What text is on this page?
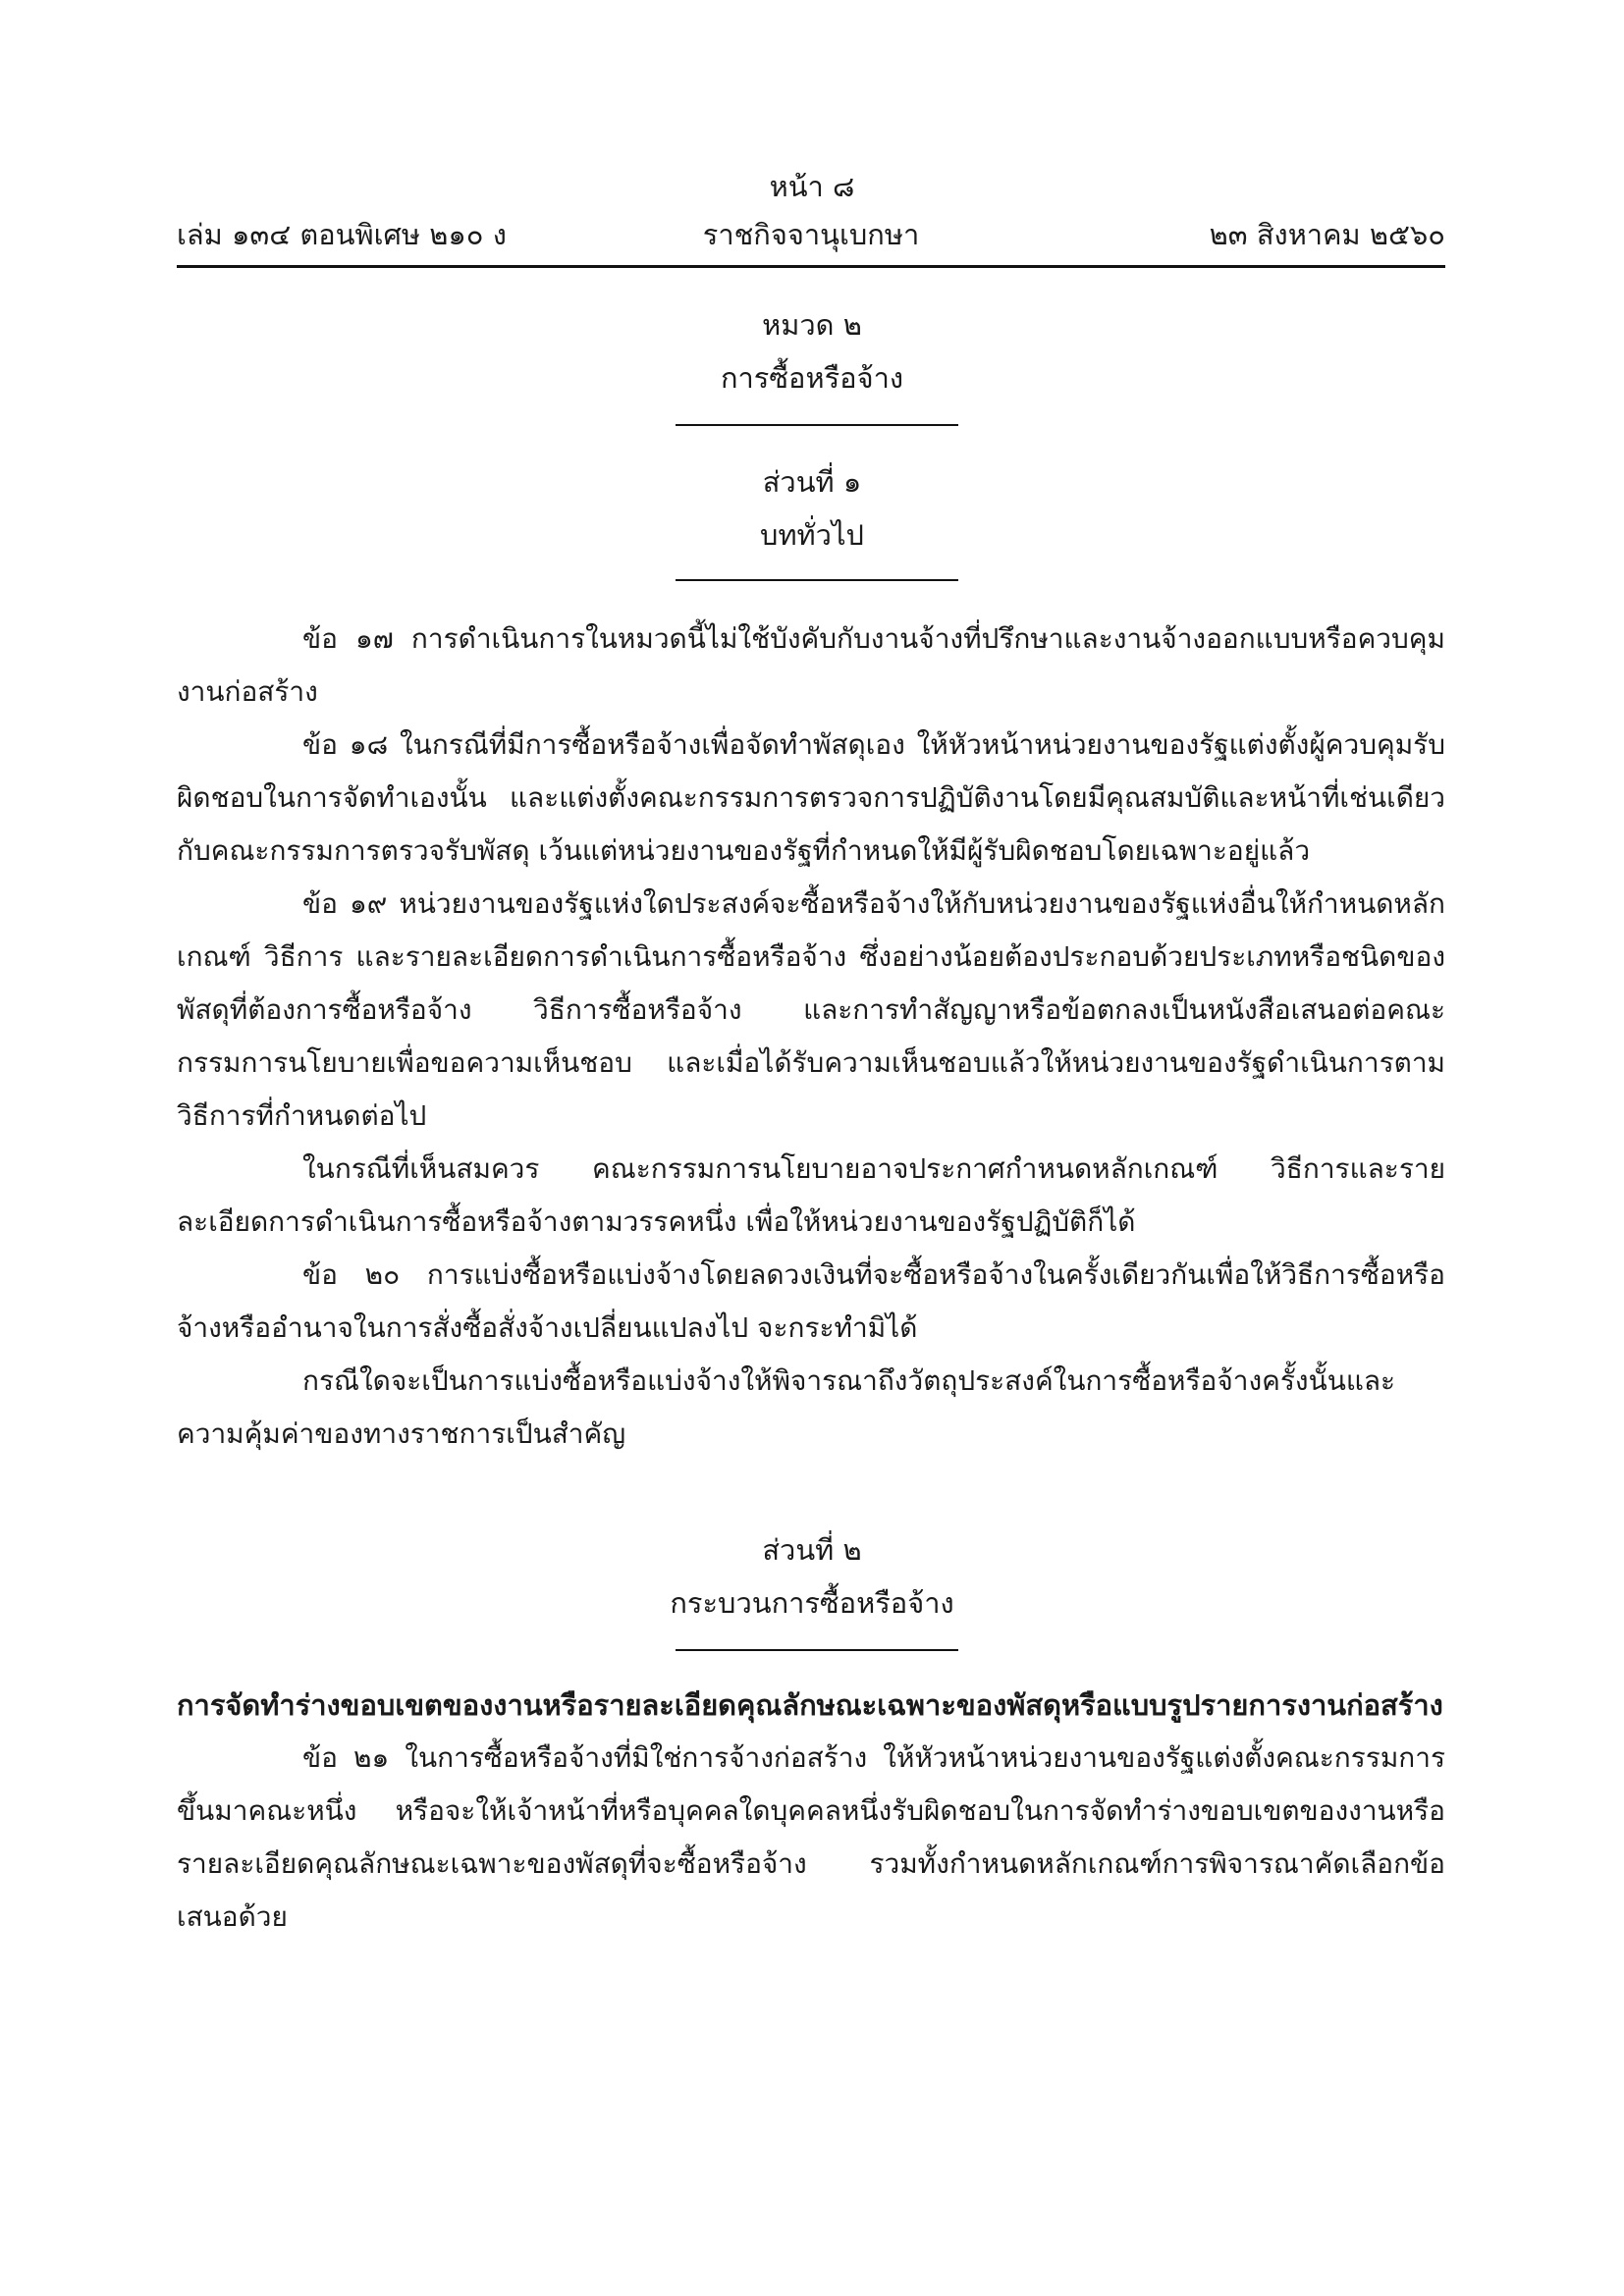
หน้า ๘
เล่ม ๑๓๔ ตอนพิเศษ ๒๑๐ ง	ราชกิจจานุเบกษา	๒๓ สิงหาคม ๒๕๖๐
หมวด ๒
การซื้อหรือจ้าง
ส่วนที่ ๑
บททั่วไป

ข้อ ๑๗ การดำเนินการในหมวดนี้ไม่ใช้บังคับกับงานจ้างที่ปรึกษาและงานจ้างออกแบบหรือควบคุมงานก่อสร้าง

ข้อ ๑๘ ในกรณีที่มีการซื้อหรือจ้างเพื่อจัดทำพัสดุเอง ให้หัวหน้าหน่วยงานของรัฐแต่งตั้งผู้ควบคุมรับผิดชอบในการจัดทำเองนั้น และแต่งตั้งคณะกรรมการตรวจการปฏิบัติงานโดยมีคุณสมบัติและหน้าที่เช่นเดียวกับคณะกรรมการตรวจรับพัสดุ เว้นแต่หน่วยงานของรัฐที่กำหนดให้มีผู้รับผิดชอบโดยเฉพาะอยู่แล้ว

ข้อ ๑๙ หน่วยงานของรัฐแห่งใดประสงค์จะซื้อหรือจ้างให้กับหน่วยงานของรัฐแห่งอื่นให้กำหนดหลักเกณฑ์ วิธีการ และรายละเอียดการดำเนินการซื้อหรือจ้าง ซึ่งอย่างน้อยต้องประกอบด้วยประเภทหรือชนิดของพัสดุที่ต้องการซื้อหรือจ้าง วิธีการซื้อหรือจ้าง และการทำสัญญาหรือข้อตกลงเป็นหนังสือเสนอต่อคณะกรรมการนโยบายเพื่อขอความเห็นชอบ และเมื่อได้รับความเห็นชอบแล้วให้หน่วยงานของรัฐดำเนินการตามวิธีการที่กำหนดต่อไป

ในกรณีที่เห็นสมควร คณะกรรมการนโยบายอาจประกาศกำหนดหลักเกณฑ์ วิธีการและรายละเอียดการดำเนินการซื้อหรือจ้างตามวรรคหนึ่ง เพื่อให้หน่วยงานของรัฐปฏิบัติก็ได้

ข้อ ๒๐ การแบ่งซื้อหรือแบ่งจ้างโดยลดวงเงินที่จะซื้อหรือจ้างในครั้งเดียวกันเพื่อให้วิธีการซื้อหรือจ้างหรืออำนาจในการสั่งซื้อสั่งจ้างเปลี่ยนแปลงไป จะกระทำมิได้

กรณีใดจะเป็นการแบ่งซื้อหรือแบ่งจ้างให้พิจารณาถึงวัตถุประสงค์ในการซื้อหรือจ้างครั้งนั้นและความคุ้มค่าของทางราชการเป็นสำคัญ

ส่วนที่ ๒
กระบวนการซื้อหรือจ้าง

การจัดทำร่างขอบเขตของงานหรือรายละเอียดคุณลักษณะเฉพาะของพัสดุหรือแบบรูปรายการงานก่อสร้าง

ข้อ ๒๑ ในการซื้อหรือจ้างที่มิใช่การจ้างก่อสร้าง ให้หัวหน้าหน่วยงานของรัฐแต่งตั้งคณะกรรมการขึ้นมาคณะหนึ่ง หรือจะให้เจ้าหน้าที่หรือบุคคลใดบุคคลหนึ่งรับผิดชอบในการจัดทำร่างขอบเขตของงานหรือรายละเอียดคุณลักษณะเฉพาะของพัสดุที่จะซื้อหรือจ้าง รวมทั้งกำหนดหลักเกณฑ์การพิจารณาคัดเลือกข้อเสนอด้วย
